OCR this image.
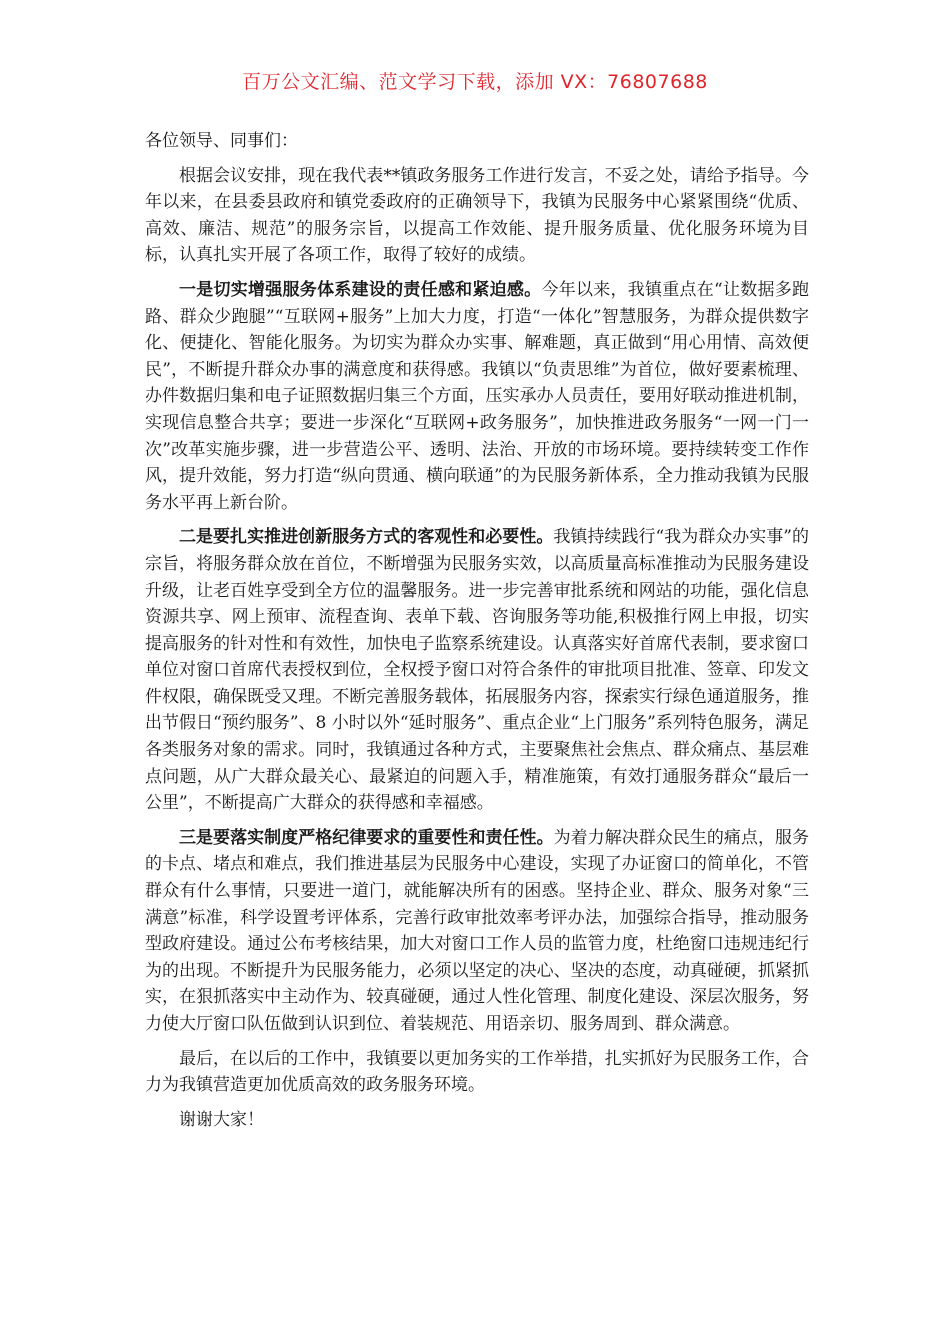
百万公文汇编、范文学习下载，添加 VX：76807688

各位领导、同事们：

根据会议安排，现在我代表**镇政务服务工作进行发言，不妥之处，请给予指导。今年以来，在县委县政府和镇党委政府的正确领导下，我镇为民服务中心紧紧围绕“优质、高效、廉洁、规范”的服务宗旨，以提高工作效能、提升服务质量、优化服务环境为目标，认真扎实开展了各项工作，取得了较好的成绩。

一是切实增强服务体系建设的责任感和紧迫感。今年以来，我镇重点在“让数据多跑路、群众少跑腿”“互联网+服务”上加大力度，打造“一体化”智慧服务，为群众提供数字化、便捷化、智能化服务。为切实为群众办实事、解难题，真正做到“用心用情、高效便民”，不断提升群众办事的满意度和获得感。我镇以“负责思维”为首位，做好要素梳理、办件数据归集和电子证照数据归集三个方面，压实承办人员责任，要用好联动推进机制，实现信息整合共享；要进一步深化“互联网+政务服务”，加快推进政务服务“一网一门一次”改革实施步骤，进一步营造公平、透明、法治、开放的市场环境。要持续转变工作作风，提升效能，努力打造“纵向贯通、横向联通”的为民服务新体系，全力推动我镇为民服务水平再上新台阶。

二是要扎实推进创新服务方式的客观性和必要性。我镇持续践行“我为群众办实事”的宗旨，将服务群众放在首位，不断增强为民服务实效，以高质量高标准推动为民服务建设升级，让老百姓享受到全方位的温馨服务。进一步完善审批系统和网站的功能，强化信息资源共享、网上预审、流程查询、表单下载、咨询服务等功能,积极推行网上申报，切实提高服务的针对性和有效性，加快电子监察系统建设。认真落实好首席代表制，要求窗口单位对窗口首席代表授权到位，全权授予窗口对符合条件的审批项目批准、签章、印发文件权限，确保既受又理。不断完善服务载体，拓展服务内容，探索实行绿色通道服务，推出节假日“预约服务”、8 小时以外“延时服务”、重点企业“上门服务”系列特色服务，满足各类服务对象的需求。同时，我镇通过各种方式，主要聚焦社会焦点、群众痛点、基层难点问题，从广大群众最关心、最紧迫的问题入手，精准施策，有效打通服务群众“最后一公里”，不断提高广大群众的获得感和幸福感。

三是要落实制度严格纪律要求的重要性和责任性。为着力解决群众民生的痛点，服务的卡点、堵点和难点，我们推进基层为民服务中心建设，实现了办证窗口的简单化，不管群众有什么事情，只要进一道门，就能解决所有的困惑。坚持企业、群众、服务对象“三满意”标准，科学设置考评体系，完善行政审批效率考评办法，加强综合指导，推动服务型政府建设。通过公布考核结果，加大对窗口工作人员的监管力度，杜绝窗口违规违纪行为的出现。不断提升为民服务能力，必须以坚定的决心、坚决的态度，动真碰硬，抓紧抓实，在狠抓落实中主动作为、较真碰硬，通过人性化管理、制度化建设、深层次服务，努力使大厅窗口队伍做到认识到位、着装规范、用语亲切、服务周到、群众满意。

最后，在以后的工作中，我镇要以更加务实的工作举措，扎实抓好为民服务工作，合力为我镇营造更加优质高效的政务服务环境。

谢谢大家！
